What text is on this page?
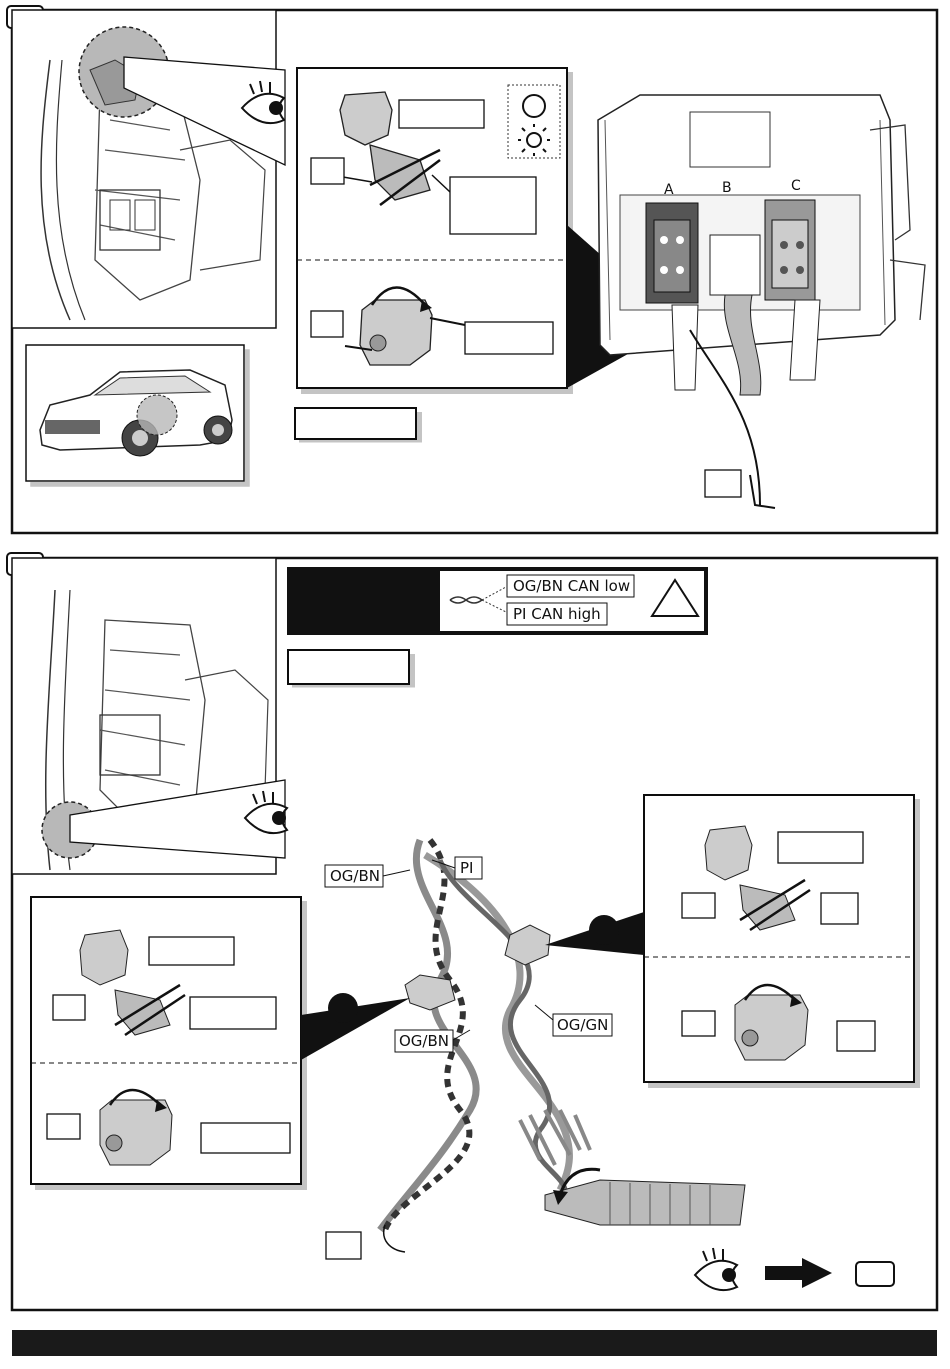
A	B	C
OG/BN CAN low
PI CAN high
OG/BN	PI
OG/GN
OG/BN
